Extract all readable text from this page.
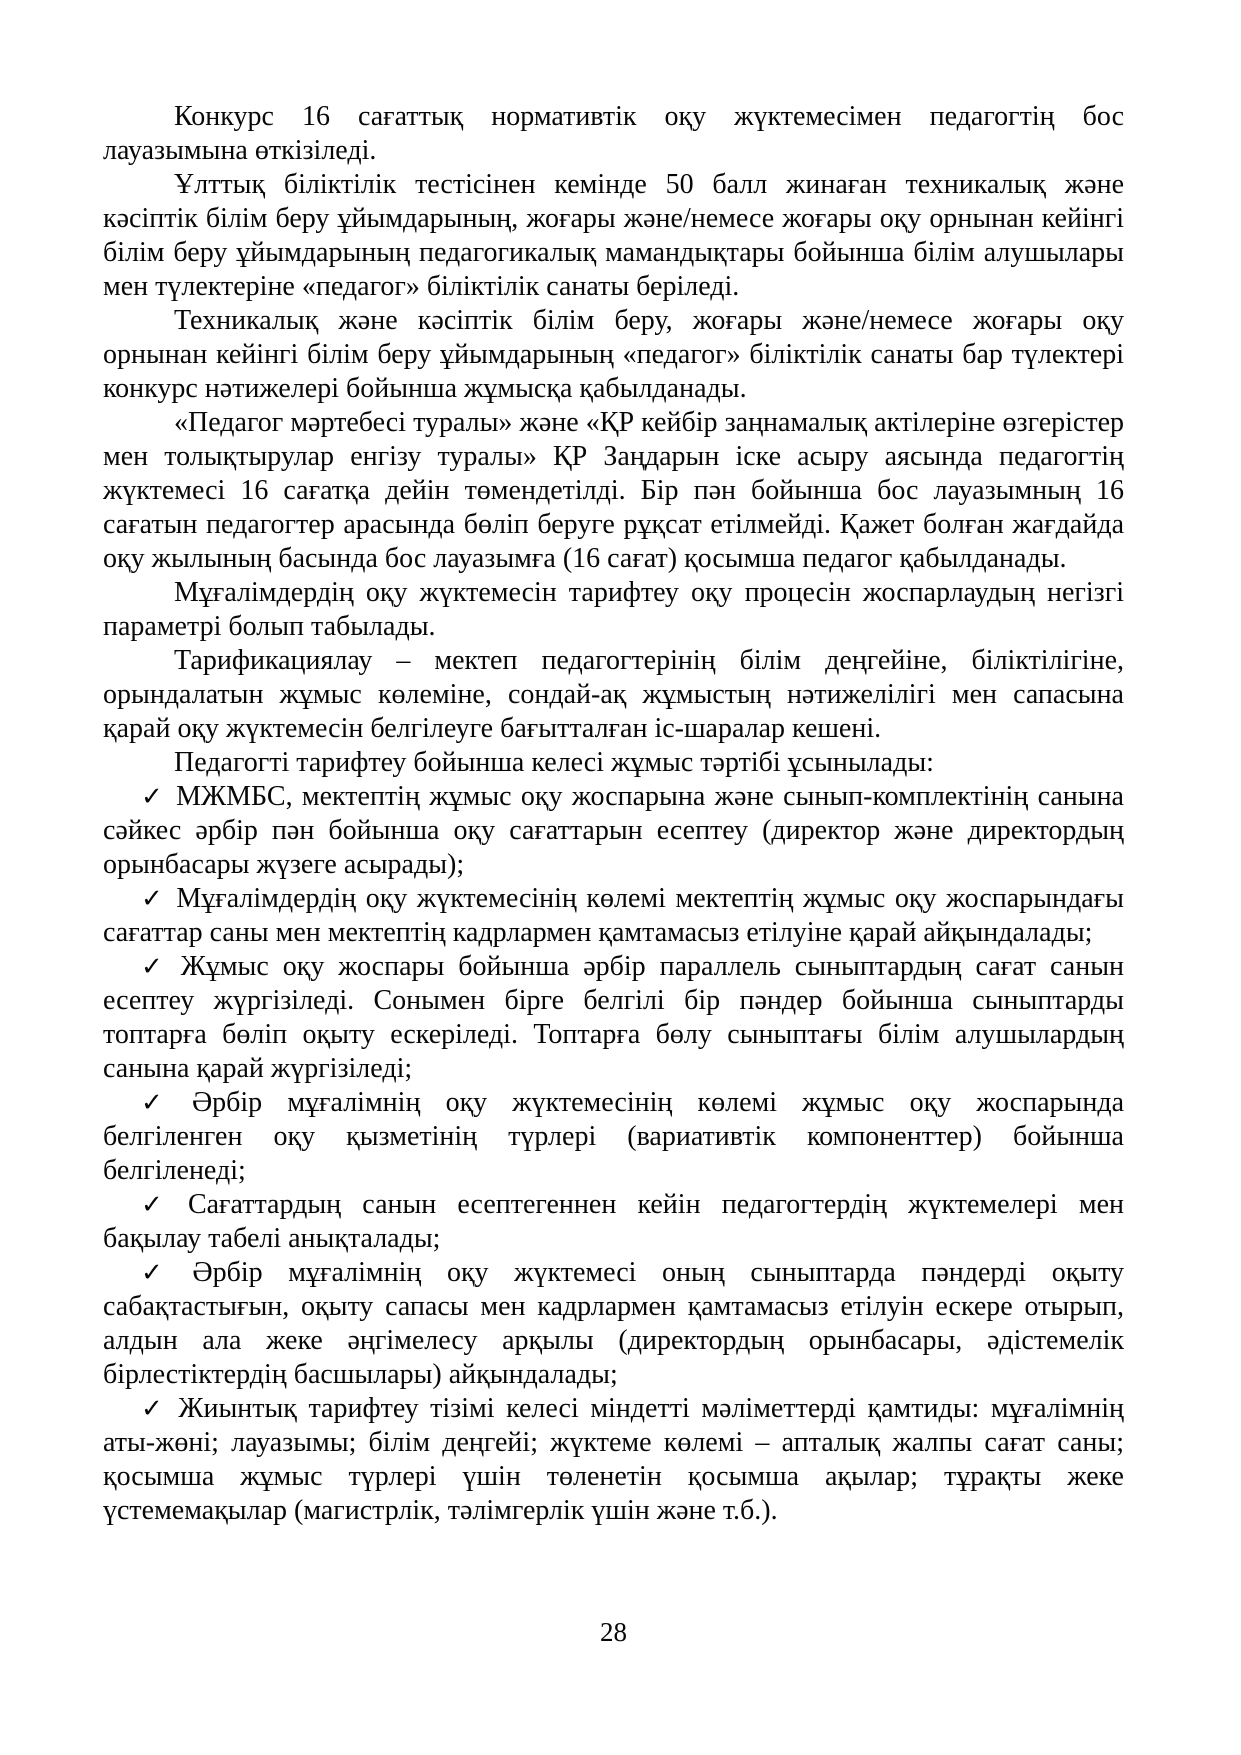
Конкурс 16 сағаттық нормативтік оқу жүктемесімен педагогтің бос лауазымына өткізіледі.

Ұлттық біліктілік тестісінен кемінде 50 балл жинаған техникалық және кәсіптік білім беру ұйымдарының, жоғары және/немесе жоғары оқу орнынан кейінгі білім беру ұйымдарының педагогикалық мамандықтары бойынша білім алушылары мен түлектеріне «педагог» біліктілік санаты беріледі.

Техникалық және кәсіптік білім беру, жоғары және/немесе жоғары оқу орнынан кейінгі білім беру ұйымдарының «педагог» біліктілік санаты бар түлектері конкурс нәтижелері бойынша жұмысқа қабылданады.

«Педагог мәртебесі туралы» және «ҚР кейбір заңнамалық актілеріне өзгерістер мен толықтырулар енгізу туралы» ҚР Заңдарын іске асыру аясында педагогтің жүктемесі 16 сағатқа дейін төмендетілді. Бір пән бойынша бос лауазымның 16 сағатын педагогтер арасында бөліп беруге рұқсат етілмейді. Қажет болған жағдайда оқу жылының басында бос лауазымға (16 сағат) қосымша педагог қабылданады.

Мұғалімдердің оқу жүктемесін тарифтеу оқу процесін жоспарлаудың негізгі параметрі болып табылады.

Тарификациялау – мектеп педагогтерінің білім деңгейіне, біліктілігіне, орындалатын жұмыс көлеміне, сондай-ақ жұмыстың нәтижелілігі мен сапасына қарай оқу жүктемесін белгілеуге бағытталған іс-шаралар кешені.

Педагогті тарифтеу бойынша келесі жұмыс тәртібі ұсынылады:

✓ МЖМБС, мектептің жұмыс оқу жоспарына және сынып-комплектінің санына сәйкес әрбір пән бойынша оқу сағаттарын есептеу (директор және директордың орынбасары жүзеге асырады);

✓ Мұғалімдердің оқу жүктемесінің көлемі мектептің жұмыс оқу жоспарындағы сағаттар саны мен мектептің кадрлармен қамтамасыз етілуіне қарай айқындалады;

✓ Жұмыс оқу жоспары бойынша әрбір параллель сыныптардың сағат санын есептеу жүргізіледі. Сонымен бірге белгілі бір пәндер бойынша сыныптарды топтарға бөліп оқыту ескеріледі. Топтарға бөлу сыныптағы білім алушылардың санына қарай жүргізіледі;

✓ Әрбір мұғалімнің оқу жүктемесінің көлемі жұмыс оқу жоспарында белгіленген оқу қызметінің түрлері (вариативтік компоненттер) бойынша белгіленеді;

✓ Сағаттардың санын есептегеннен кейін педагогтердің жүктемелері мен бақылау табелі анықталады;

✓ Әрбір мұғалімнің оқу жүктемесі оның сыныптарда пәндерді оқыту сабақтастығын, оқыту сапасы мен кадрлармен қамтамасыз етілуін ескере отырып, алдын ала жеке әңгімелесу арқылы (директордың орынбасары, әдістемелік бірлестіктердің басшылары) айқындалады;

✓ Жиынтық тарифтеу тізімі келесі міндетті мәліметтерді қамтиды: мұғалімнің аты-жөні; лауазымы; білім деңгейі; жүктеме көлемі – апталық жалпы сағат саны; қосымша жұмыс түрлері үшін төленетін қосымша ақылар; тұрақты жеке үстемемақылар (магистрлік, тәлімгерлік үшін және т.б.).

28
